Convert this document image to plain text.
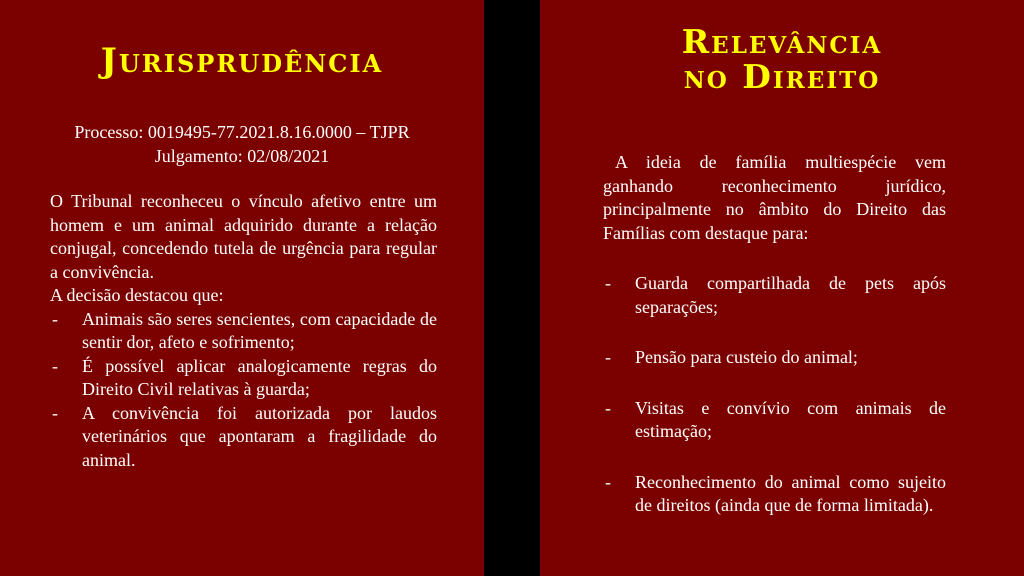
Jurisprudência
Processo: 0019495-77.2021.8.16.0000 – TJPR
Julgamento: 02/08/2021

O Tribunal reconheceu o vínculo afetivo entre um homem e um animal adquirido durante a relação conjugal, concedendo tutela de urgência para regular a convivência.

A decisão destacou que:

- Animais são seres sencientes, com capacidade de sentir dor, afeto e sofrimento;
- É possível aplicar analogicamente regras do Direito Civil relativas à guarda;
- A convivência foi autorizada por laudos veterinários que apontaram a fragilidade do animal.
Relevância
no Direito

A ideia de família multiespécie vem ganhando reconhecimento jurídico, principalmente no âmbito do Direito das Famílias com destaque para:

- Guarda compartilhada de pets após separações;
- Pensão para custeio do animal;
- Visitas e convívio com animais de estimação;
- Reconhecimento do animal como sujeito de direitos (ainda que de forma limitada).
